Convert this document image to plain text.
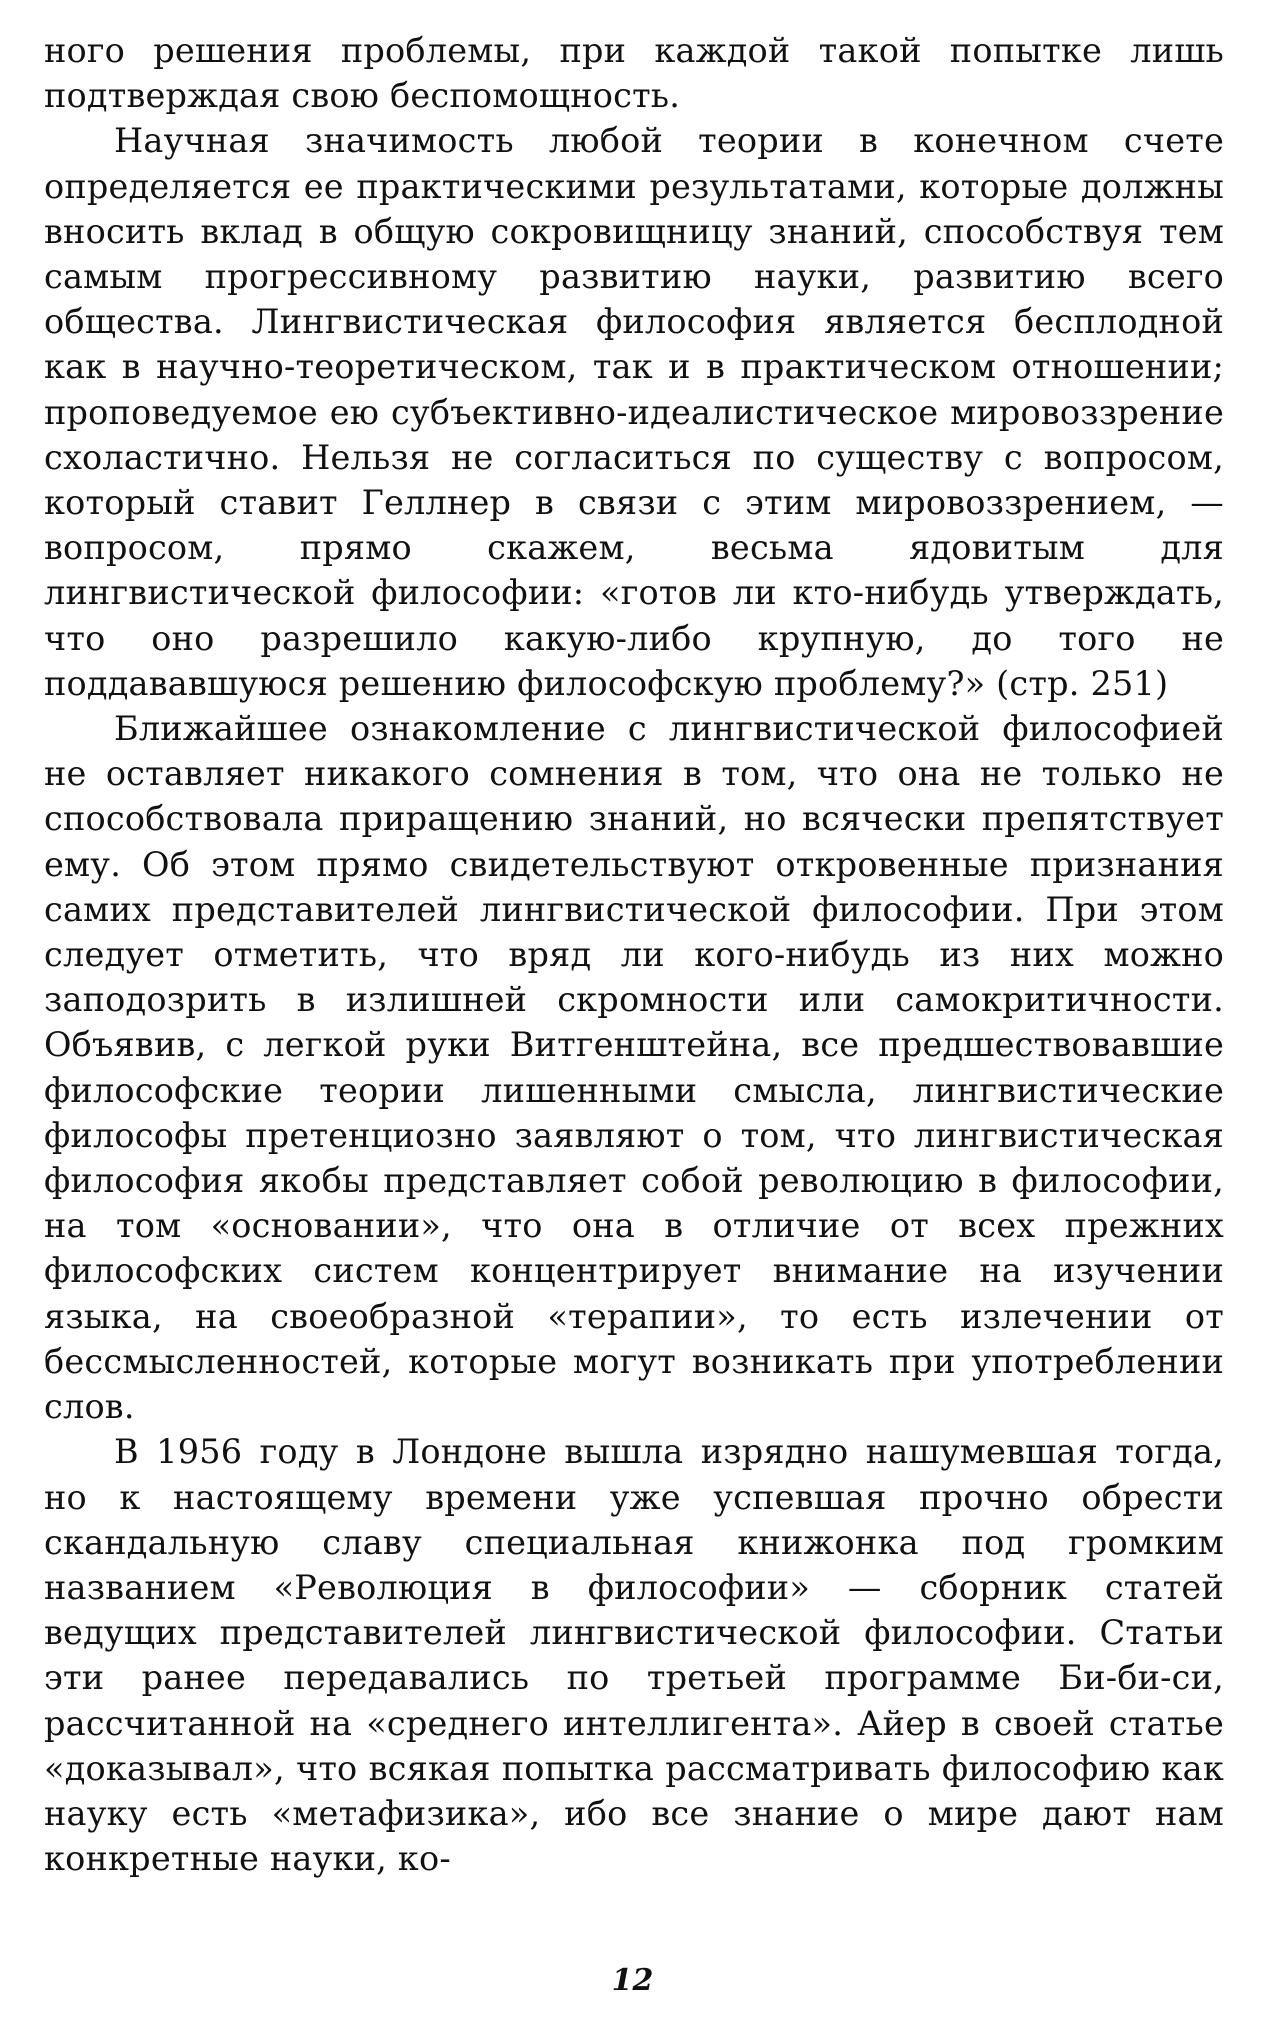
ного решения проблемы, при каждой такой попытке лишь подтверждая свою беспомощность.

Научная значимость любой теории в конечном счете определяется ее практическими результатами, которые должны вносить вклад в общую сокровищницу знаний, способствуя тем самым прогрессивному развитию науки, развитию всего общества. Лингвистическая философия является бесплодной как в научно-теоретическом, так и в практическом отношении; проповедуемое ею субъективно-идеалистическое мировоззрение схоластично. Нельзя не согласиться по существу с вопросом, который ставит Геллнер в связи с этим мировоззрением, — вопросом, прямо скажем, весьма ядовитым для лингвистической философии: «готов ли кто-нибудь утверждать, что оно разрешило какую-либо крупную, до того не поддававшуюся решению философскую проблему?» (стр. 251)

Ближайшее ознакомление с лингвистической философией не оставляет никакого сомнения в том, что она не только не способствовала приращению знаний, но всячески препятствует ему. Об этом прямо свидетельствуют откровенные признания самих представителей лингвистической философии. При этом следует отметить, что вряд ли кого-нибудь из них можно заподозрить в излишней скромности или самокритичности. Объявив, с легкой руки Витгенштейна, все предшествовавшие философские теории лишенными смысла, лингвистические философы претенциозно заявляют о том, что лингвистическая философия якобы представляет собой революцию в философии, на том «основании», что она в отличие от всех прежних философских систем концентрирует внимание на изучении языка, на своеобразной «терапии», то есть излечении от бессмысленностей, которые могут возникать при употреблении слов.

В 1956 году в Лондоне вышла изрядно нашумевшая тогда, но к настоящему времени уже успевшая прочно обрести скандальную славу специальная книжонка под громким названием «Революция в философии» — сборник статей ведущих представителей лингвистической философии. Статьи эти ранее передавались по третьей программе Би-би-си, рассчитанной на «среднего интеллигента». Айер в своей статье «доказывал», что всякая попытка рассматривать философию как науку есть «метафизика», ибо все знание о мире дают нам конкретные науки, ко-

12
